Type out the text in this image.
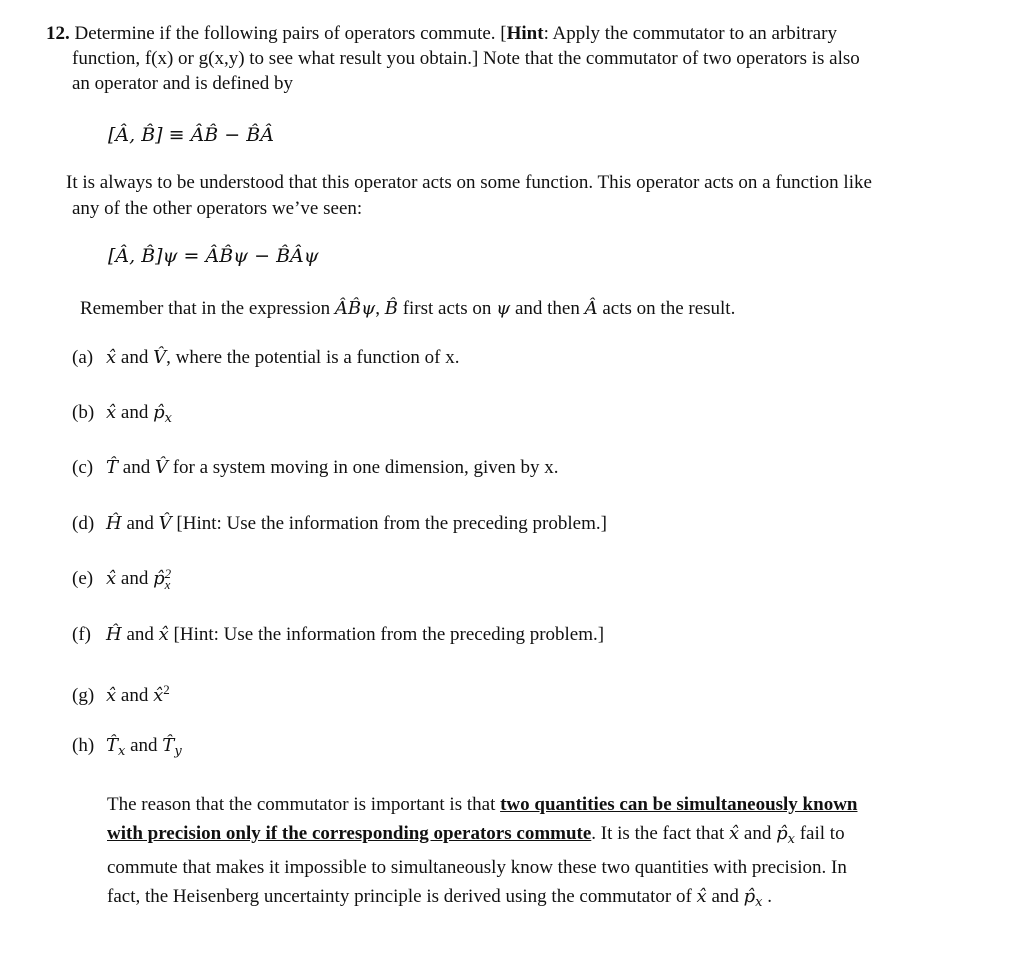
12. Determine if the following pairs of operators commute. [Hint: Apply the commutator to an arbitrary
function, f(x) or g(x,y) to see what result you obtain.] Note that the commutator of two operators is also
an operator and is defined by
[Â, B̂] ≡ ÂB̂ − B̂Â
It is always to be understood that this operator acts on some function. This operator acts on a function like
any of the other operators we’ve seen:
[Â, B̂]ψ = ÂB̂ψ − B̂Âψ
Remember that in the expression ÂB̂ψ, B̂ first acts on ψ and then Â acts on the result.
(a) x̂ and V̂, where the potential is a function of x.
(b) x̂ and $p̂_x$
(c) T̂ and V̂ for a system moving in one dimension, given by x.
(d) Ĥ and V̂ [Hint: Use the information from the preceding problem.]
(e) x̂ and p̂ 2
x
(f) Ĥ and x̂ [Hint: Use the information from the preceding problem.]
(g) x̂ and x̂$^2$
(h) $T̂_x$ and $T̂_y$
The reason that the commutator is important is that two quantities can be simultaneously known
with precision only if the corresponding operators commute. It is the fact that x̂ and $p̂_x$ fail to
commute that makes it impossible to simultaneously know these two quantities with precision. In
fact, the Heisenberg uncertainty principle is derived using the commutator of x̂ and $p̂_x$ .
